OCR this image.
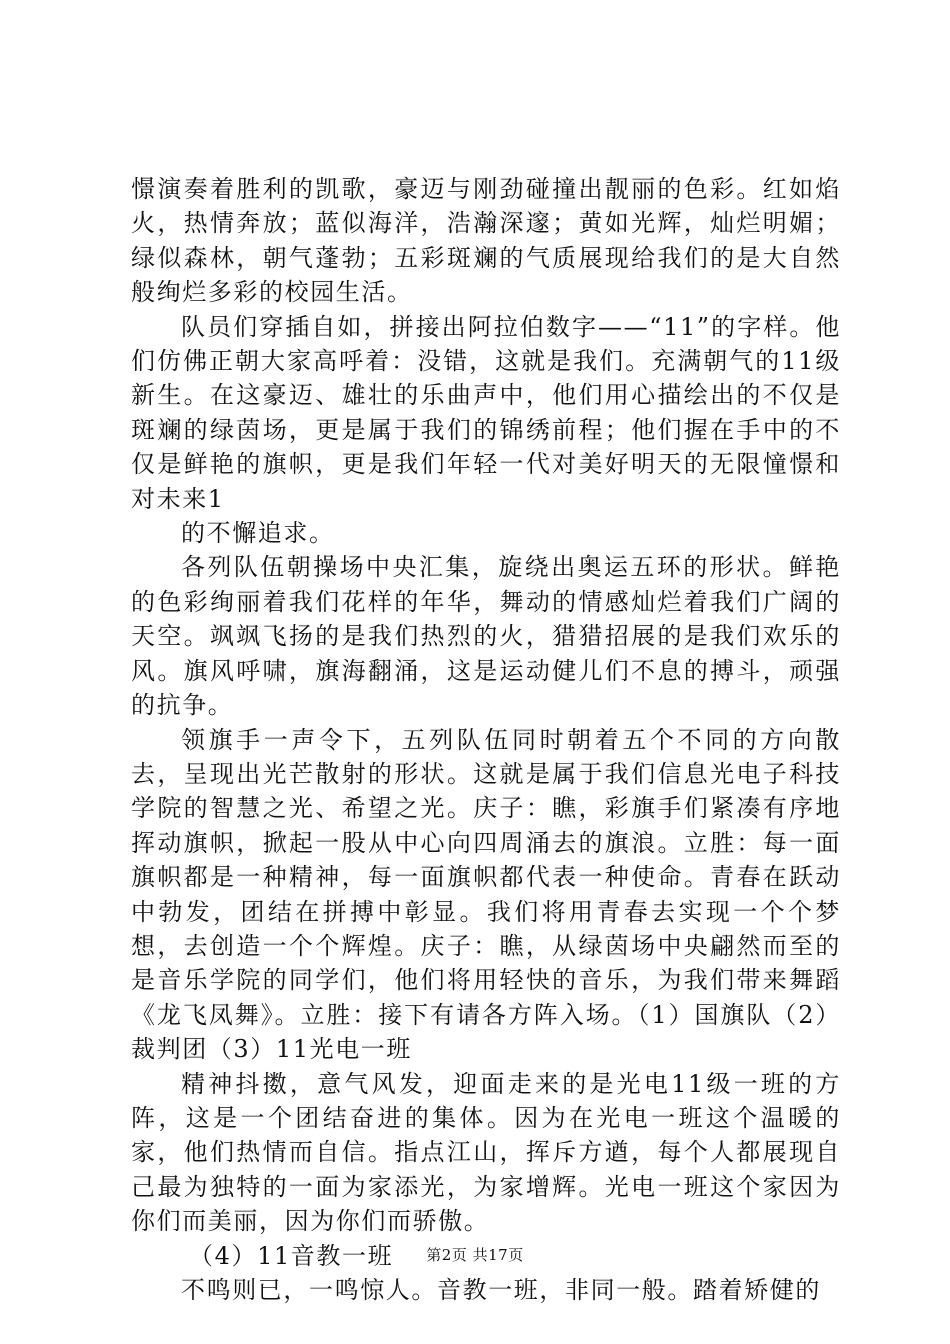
憬演奏着胜利的凯歌，豪迈与刚劲碰撞出靓丽的色彩。红如焰火，热情奔放；蓝似海洋，浩瀚深邃；黄如光辉，灿烂明媚；绿似森林，朝气蓬勃；五彩斑斓的气质展现给我们的是大自然般绚烂多彩的校园生活。

队员们穿插自如，拼接出阿拉伯数字——“11”的字样。他们仿佛正朝大家高呼着：没错，这就是我们。充满朝气的11级新生。在这豪迈、雄壮的乐曲声中，他们用心描绘出的不仅是斑斓的绿茵场，更是属于我们的锦绣前程；他们握在手中的不仅是鲜艳的旗帜，更是我们年轻一代对美好明天的无限憧憬和对未来1

的不懈追求。

各列队伍朝操场中央汇集，旋绕出奥运五环的形状。鲜艳的色彩绚丽着我们花样的年华，舞动的情感灿烂着我们广阔的天空。飒飒飞扬的是我们热烈的火，猎猎招展的是我们欢乐的风。旗风呼啸，旗海翻涌，这是运动健儿们不息的搏斗，顽强的抗争。

领旗手一声令下，五列队伍同时朝着五个不同的方向散去，呈现出光芒散射的形状。这就是属于我们信息光电子科技学院的智慧之光、希望之光。庆子：瞧，彩旗手们紧凑有序地挥动旗帜，掀起一股从中心向四周涌去的旗浪。立胜：每一面旗帜都是一种精神，每一面旗帜都代表一种使命。青春在跃动中勃发，团结在拼搏中彰显。我们将用青春去实现一个个梦想，去创造一个个辉煌。庆子：瞧，从绿茵场中央翩然而至的是音乐学院的同学们，他们将用轻快的音乐，为我们带来舞蹈《龙飞凤舞》。立胜：接下有请各方阵入场。（1）国旗队（2）裁判团（3）11光电一班

精神抖擞，意气风发，迎面走来的是光电11级一班的方阵，这是一个团结奋进的集体。因为在光电一班这个温暖的家，他们热情而自信。指点江山，挥斥方遒，每个人都展现自己最为独特的一面为家添光，为家增辉。光电一班这个家因为你们而美丽，因为你们而骄傲。

（4）11音教一班

不鸣则已，一鸣惊人。音教一班，非同一般。踏着矫健的

第2页 共17页
